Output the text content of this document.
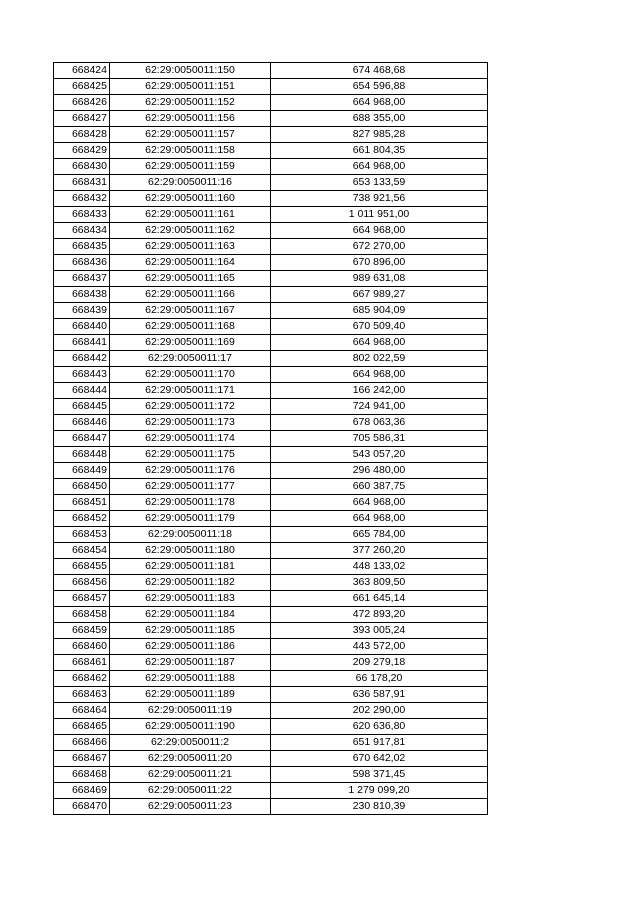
668424	62:29:0050011:150	674 468,68
668425	62:29:0050011:151	654 596,88
668426	62:29:0050011:152	664 968,00
668427	62:29:0050011:156	688 355,00
668428	62:29:0050011:157	827 985,28
668429	62:29:0050011:158	661 804,35
668430	62:29:0050011:159	664 968,00
668431	62:29:0050011:16	653 133,59
668432	62:29:0050011:160	738 921,56
668433	62:29:0050011:161	1 011 951,00
668434	62:29:0050011:162	664 968,00
668435	62:29:0050011:163	672 270,00
668436	62:29:0050011:164	670 896,00
668437	62:29:0050011:165	989 631,08
668438	62:29:0050011:166	667 989,27
668439	62:29:0050011:167	685 904,09
668440	62:29:0050011:168	670 509,40
668441	62:29:0050011:169	664 968,00
668442	62:29:0050011:17	802 022,59
668443	62:29:0050011:170	664 968,00
668444	62:29:0050011:171	166 242,00
668445	62:29:0050011:172	724 941,00
668446	62:29:0050011:173	678 063,36
668447	62:29:0050011:174	705 586,31
668448	62:29:0050011:175	543 057,20
668449	62:29:0050011:176	296 480,00
668450	62:29:0050011:177	660 387,75
668451	62:29:0050011:178	664 968,00
668452	62:29:0050011:179	664 968,00
668453	62:29:0050011:18	665 784,00
668454	62:29:0050011:180	377 260,20
668455	62:29:0050011:181	448 133,02
668456	62:29:0050011:182	363 809,50
668457	62:29:0050011:183	661 645,14
668458	62:29:0050011:184	472 893,20
668459	62:29:0050011:185	393 005,24
668460	62:29:0050011:186	443 572,00
668461	62:29:0050011:187	209 279,18
668462	62:29:0050011:188	66 178,20
668463	62:29:0050011:189	636 587,91
668464	62:29:0050011:19	202 290,00
668465	62:29:0050011:190	620 636,80
668466	62:29:0050011:2	651 917,81
668467	62:29:0050011:20	670 642,02
668468	62:29:0050011:21	598 371,45
668469	62:29:0050011:22	1 279 099,20
668470	62:29:0050011:23	230 810,39
